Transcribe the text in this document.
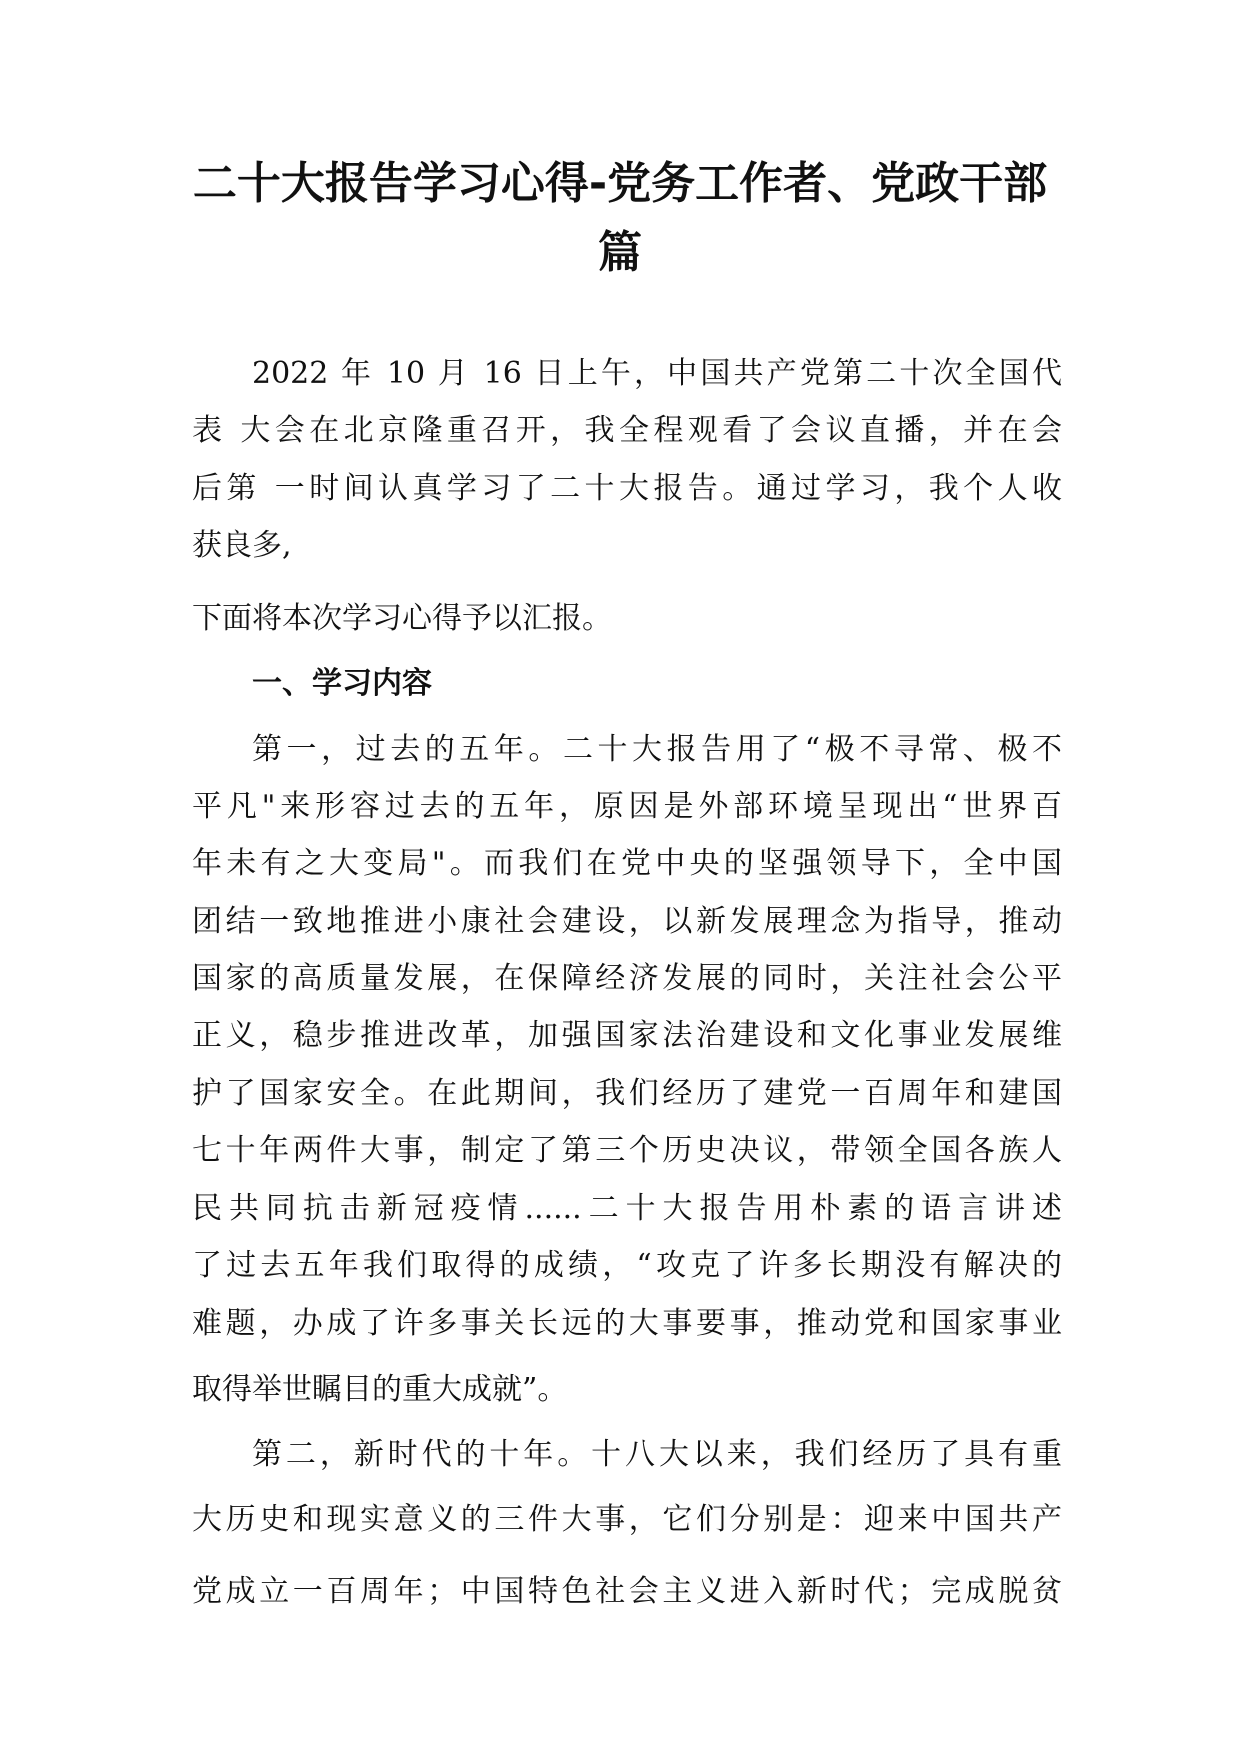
二十大报告学习心得-党务工作者、党政干部
篇
2022 年 10 月 16 日上午，中国共产党第二十次全国代
表 大会在北京隆重召开，我全程观看了会议直播，并在会
后第 一时间认真学习了二十大报告。通过学习，我个人收
获良多,
下面将本次学习心得予以汇报。
一、学习内容
第一，过去的五年。二十大报告用了“极不寻常、极不
平凡"来形容过去的五年，原因是外部环境呈现出“世界百
年未有之大变局"。而我们在党中央的坚强领导下，全中国
团结一致地推进小康社会建设，以新发展理念为指导，推动
国家的高质量发展，在保障经济发展的同时，关注社会公平
正义，稳步推进改革，加强国家法治建设和文化事业发展维
护了国家安全。在此期间，我们经历了建党一百周年和建国
七十年两件大事，制定了第三个历史决议，带领全国各族人
民共同抗击新冠疫情......二十大报告用朴素的语言讲述
了过去五年我们取得的成绩，“攻克了许多长期没有解决的
难题，办成了许多事关长远的大事要事，推动党和国家事业
取得举世瞩目的重大成就”。
第二，新时代的十年。十八大以来，我们经历了具有重
大历史和现实意义的三件大事，它们分别是：迎来中国共产
党成立一百周年；中国特色社会主义进入新时代；完成脱贫
